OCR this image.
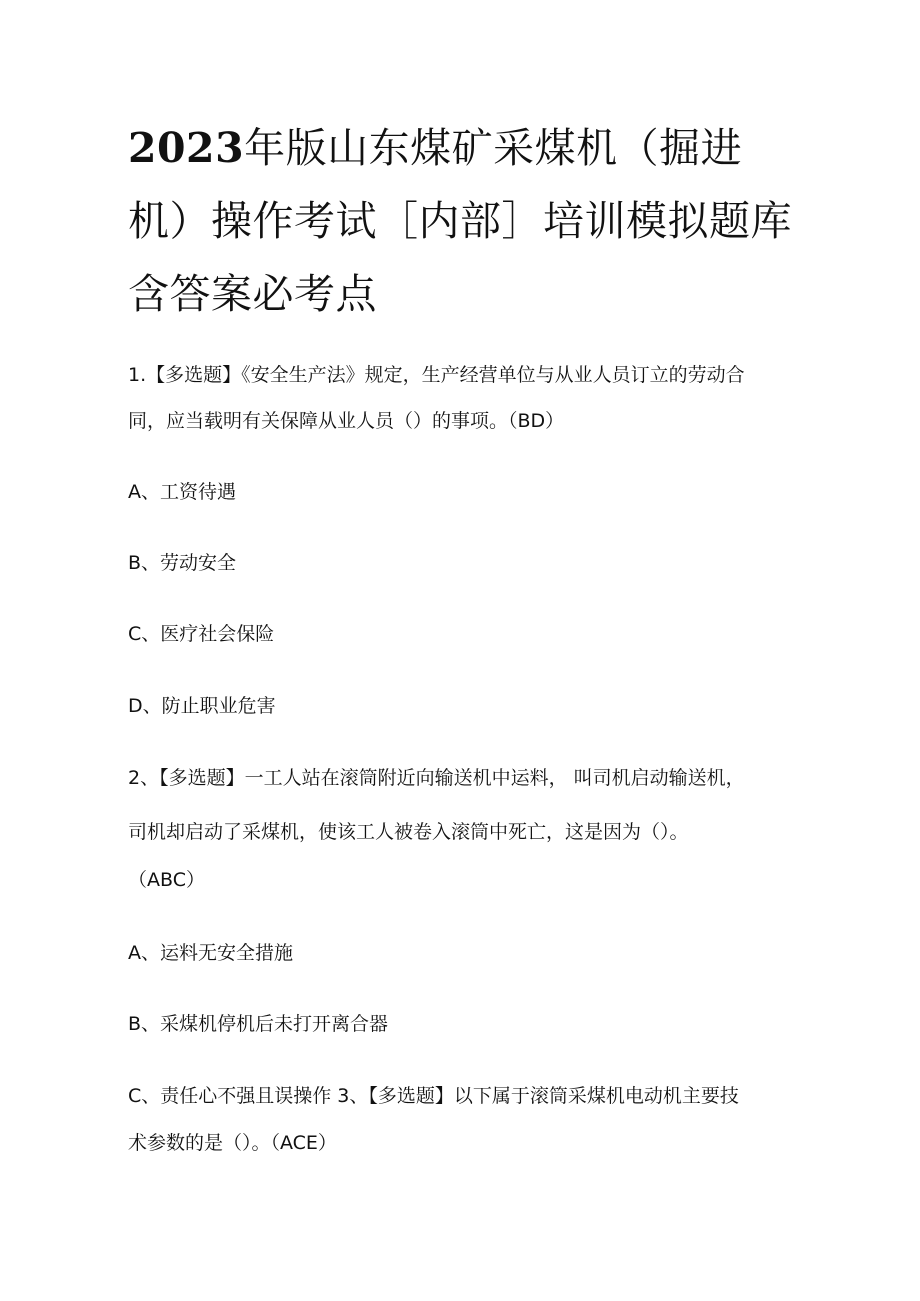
2023年版山东煤矿采煤机（掘进
机）操作考试［内部］培训模拟题库
含答案必考点

1.【多选题】《安全生产法》规定，生产经营单位与从业人员订立的劳动合

同，应当载明有关保障从业人员（）的事项。（BD）

A、工资待遇

B、劳动安全

C、医疗社会保险

D、防止职业危害

2、【多选题】一工人站在滚筒附近向输送机中运料， 叫司机启动输送机，

司机却启动了采煤机，使该工人被卷入滚筒中死亡，这是因为（）。

（ABC）

A、运料无安全措施

B、采煤机停机后未打开离合器

C、责任心不强且误操作 3、【多选题】以下属于滚筒采煤机电动机主要技

术参数的是（）。（ACE）
